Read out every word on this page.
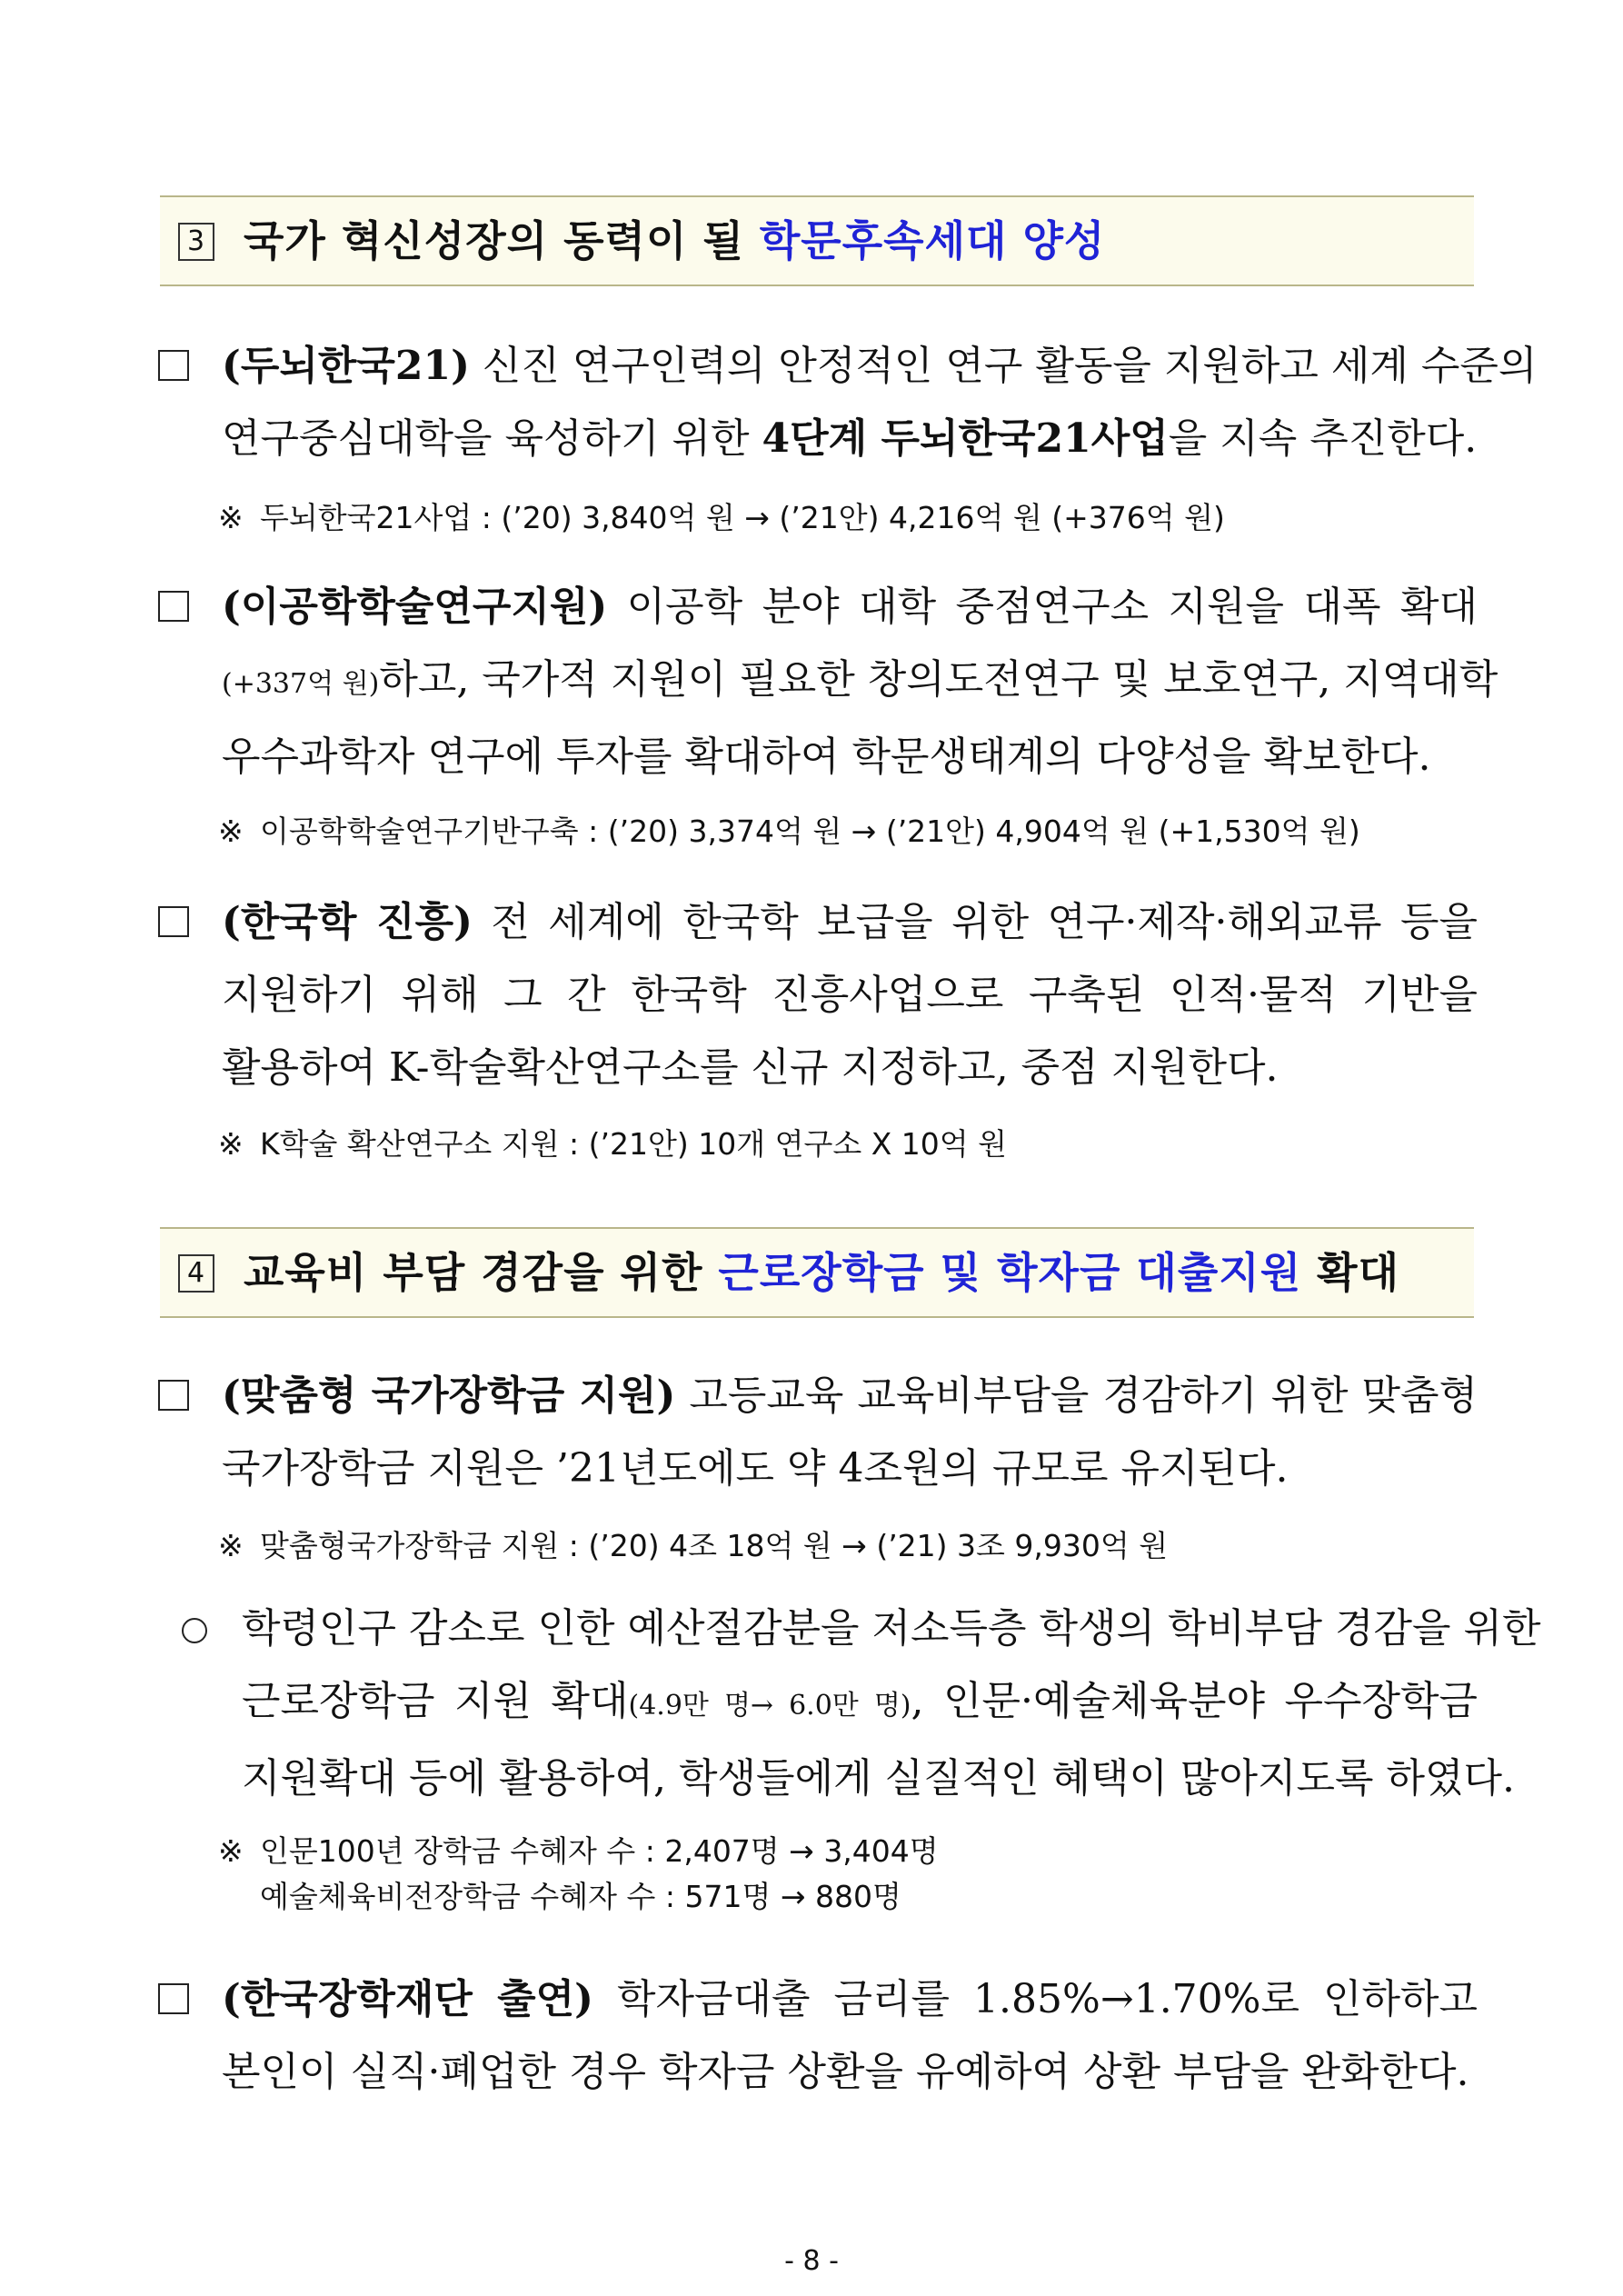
3 국가 혁신성장의 동력이 될 학문후속세대 양성
(두뇌한국21) 신진 연구인력의 안정적인 연구 활동을 지원하고 세계 수준의
연구중심대학을 육성하기 위한 4단계 두뇌한국21사업을 지속 추진한다.
※ 두뇌한국21사업 : (’20) 3,840억 원 → (’21안) 4,216억 원 (+376억 원)
(이공학학술연구지원) 이공학 분야 대학 중점연구소 지원을 대폭 확대
(+337억 원)하고, 국가적 지원이 필요한 창의도전연구 및 보호연구, 지역대학
우수과학자 연구에 투자를 확대하여 학문생태계의 다양성을 확보한다.
※ 이공학학술연구기반구축 : (’20) 3,374억 원 → (’21안) 4,904억 원 (+1,530억 원)
(한국학 진흥) 전 세계에 한국학 보급을 위한 연구·제작·해외교류 등을
지원하기 위해 그 간 한국학 진흥사업으로 구축된 인적·물적 기반을
활용하여 K-학술확산연구소를 신규 지정하고, 중점 지원한다.
※ K학술 확산연구소 지원 : (’21안) 10개 연구소 X 10억 원
4 교육비 부담 경감을 위한 근로장학금 및 학자금 대출지원 확대
(맞춤형 국가장학금 지원) 고등교육 교육비부담을 경감하기 위한 맞춤형
국가장학금 지원은 ’21년도에도 약 4조원의 규모로 유지된다.
※ 맞춤형국가장학금 지원 : (’20) 4조 18억 원 → (’21) 3조 9,930억 원
학령인구 감소로 인한 예산절감분을 저소득층 학생의 학비부담 경감을 위한
근로장학금 지원 확대(4.9만 명→ 6.0만 명), 인문·예술체육분야 우수장학금
지원확대 등에 활용하여, 학생들에게 실질적인 혜택이 많아지도록 하였다.
※ 인문100년 장학금 수혜자 수 : 2,407명 → 3,404명
예술체육비전장학금 수혜자 수 : 571명 → 880명
(한국장학재단 출연) 학자금대출 금리를 1.85%→1.70%로 인하하고
본인이 실직·폐업한 경우 학자금 상환을 유예하여 상환 부담을 완화한다.
- 8 -
